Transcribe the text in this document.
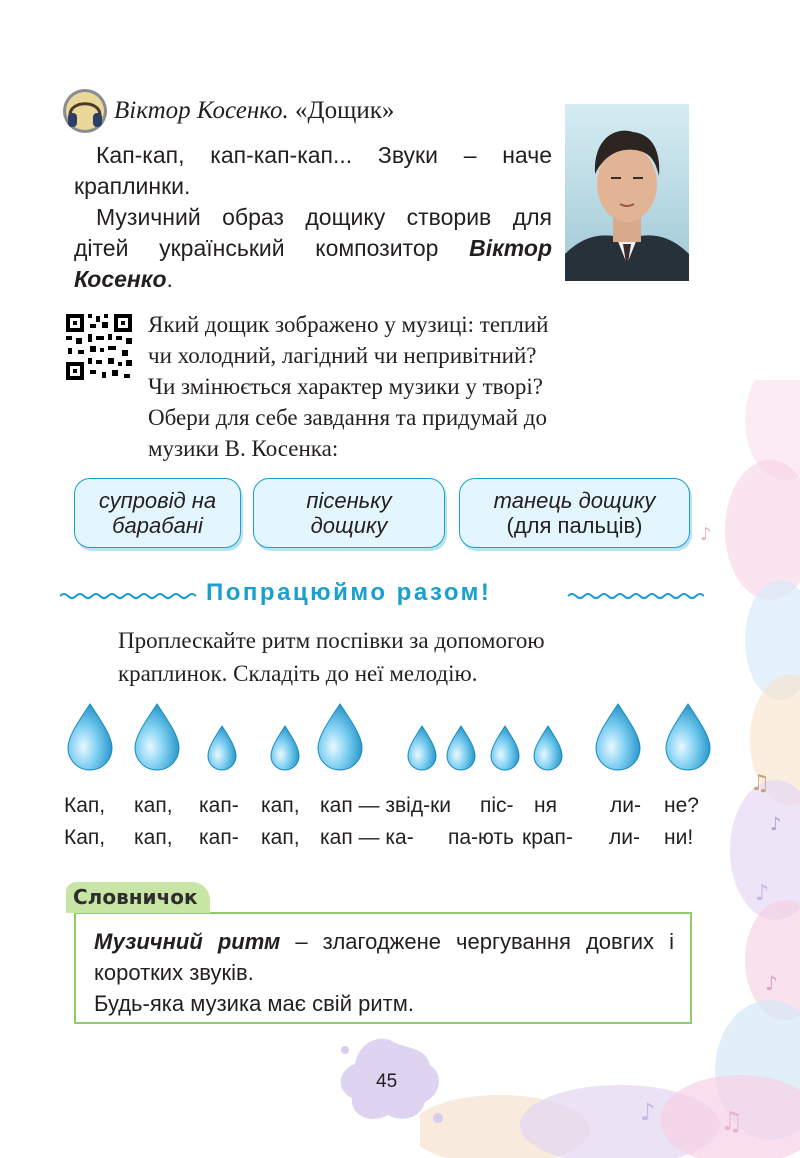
♫
♪
♪
♪
♪
♪ ♫
Віктор Косенко. «Дощик»

Кап-кап, кап-кап-кап... Звуки – наче краплинки.

Музичний образ дощику створив для дітей український композитор Віктор Косенко.

Який дощик зображено у музиці: теплий
чи холодний, лагідний чи непривітний?
Чи змінюється характер музики у творі?
Обери для себе завдання та придумай до
музики В. Косенка:
супровід на
барабані
пісеньку
дощику
танець дощику
(для пальців)
Попрацюймо разом!
Проплескайте ритм поспівки за допомогою
краплинок. Складіть до неї мелодію.
Кап, кап, кап- кап, кап — звід-ки піс- ня	ли- не?
Кап, кап, кап- кап, кап — ка- па-ють крап- ли- ни!
Музичний ритм – злагоджене чергування довгих і коротких звуків.
Будь-яка музика має свій ритм.
Словничок
45
